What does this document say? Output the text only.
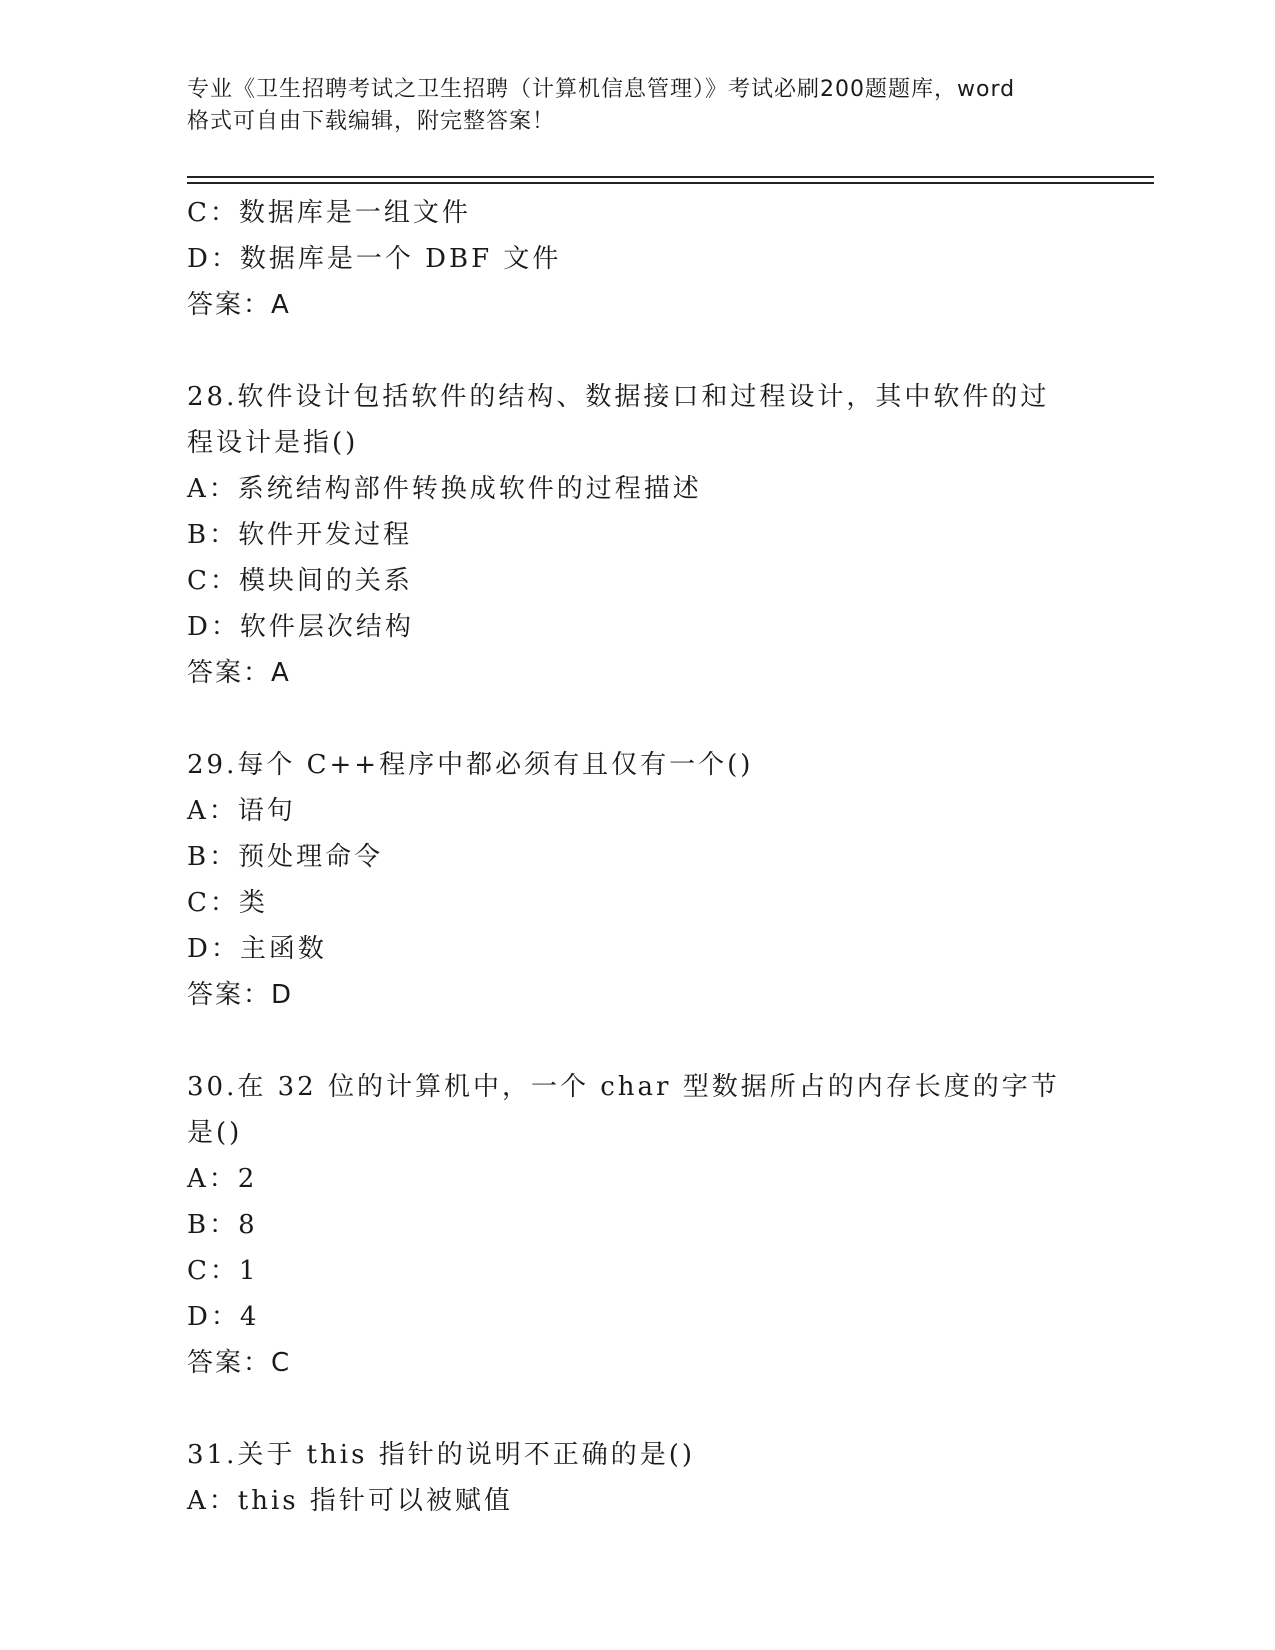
专业《卫生招聘考试之卫生招聘（计算机信息管理）》考试必刷200题题库，word
格式可自由下载编辑，附完整答案！
C：数据库是一组文件
D：数据库是一个 DBF 文件
答案：A
28.软件设计包括软件的结构、数据接口和过程设计，其中软件的过程设计是指()
A：系统结构部件转换成软件的过程描述
B：软件开发过程
C：模块间的关系
D：软件层次结构
答案：A
29.每个 C++程序中都必须有且仅有一个()
A：语句
B：预处理命令
C：类
D：主函数
答案：D
30.在 32 位的计算机中，一个 char 型数据所占的内存长度的字节是()
A：2
B：8
C：1
D：4
答案：C
31.关于 this 指针的说明不正确的是()
A：this 指针可以被赋值
